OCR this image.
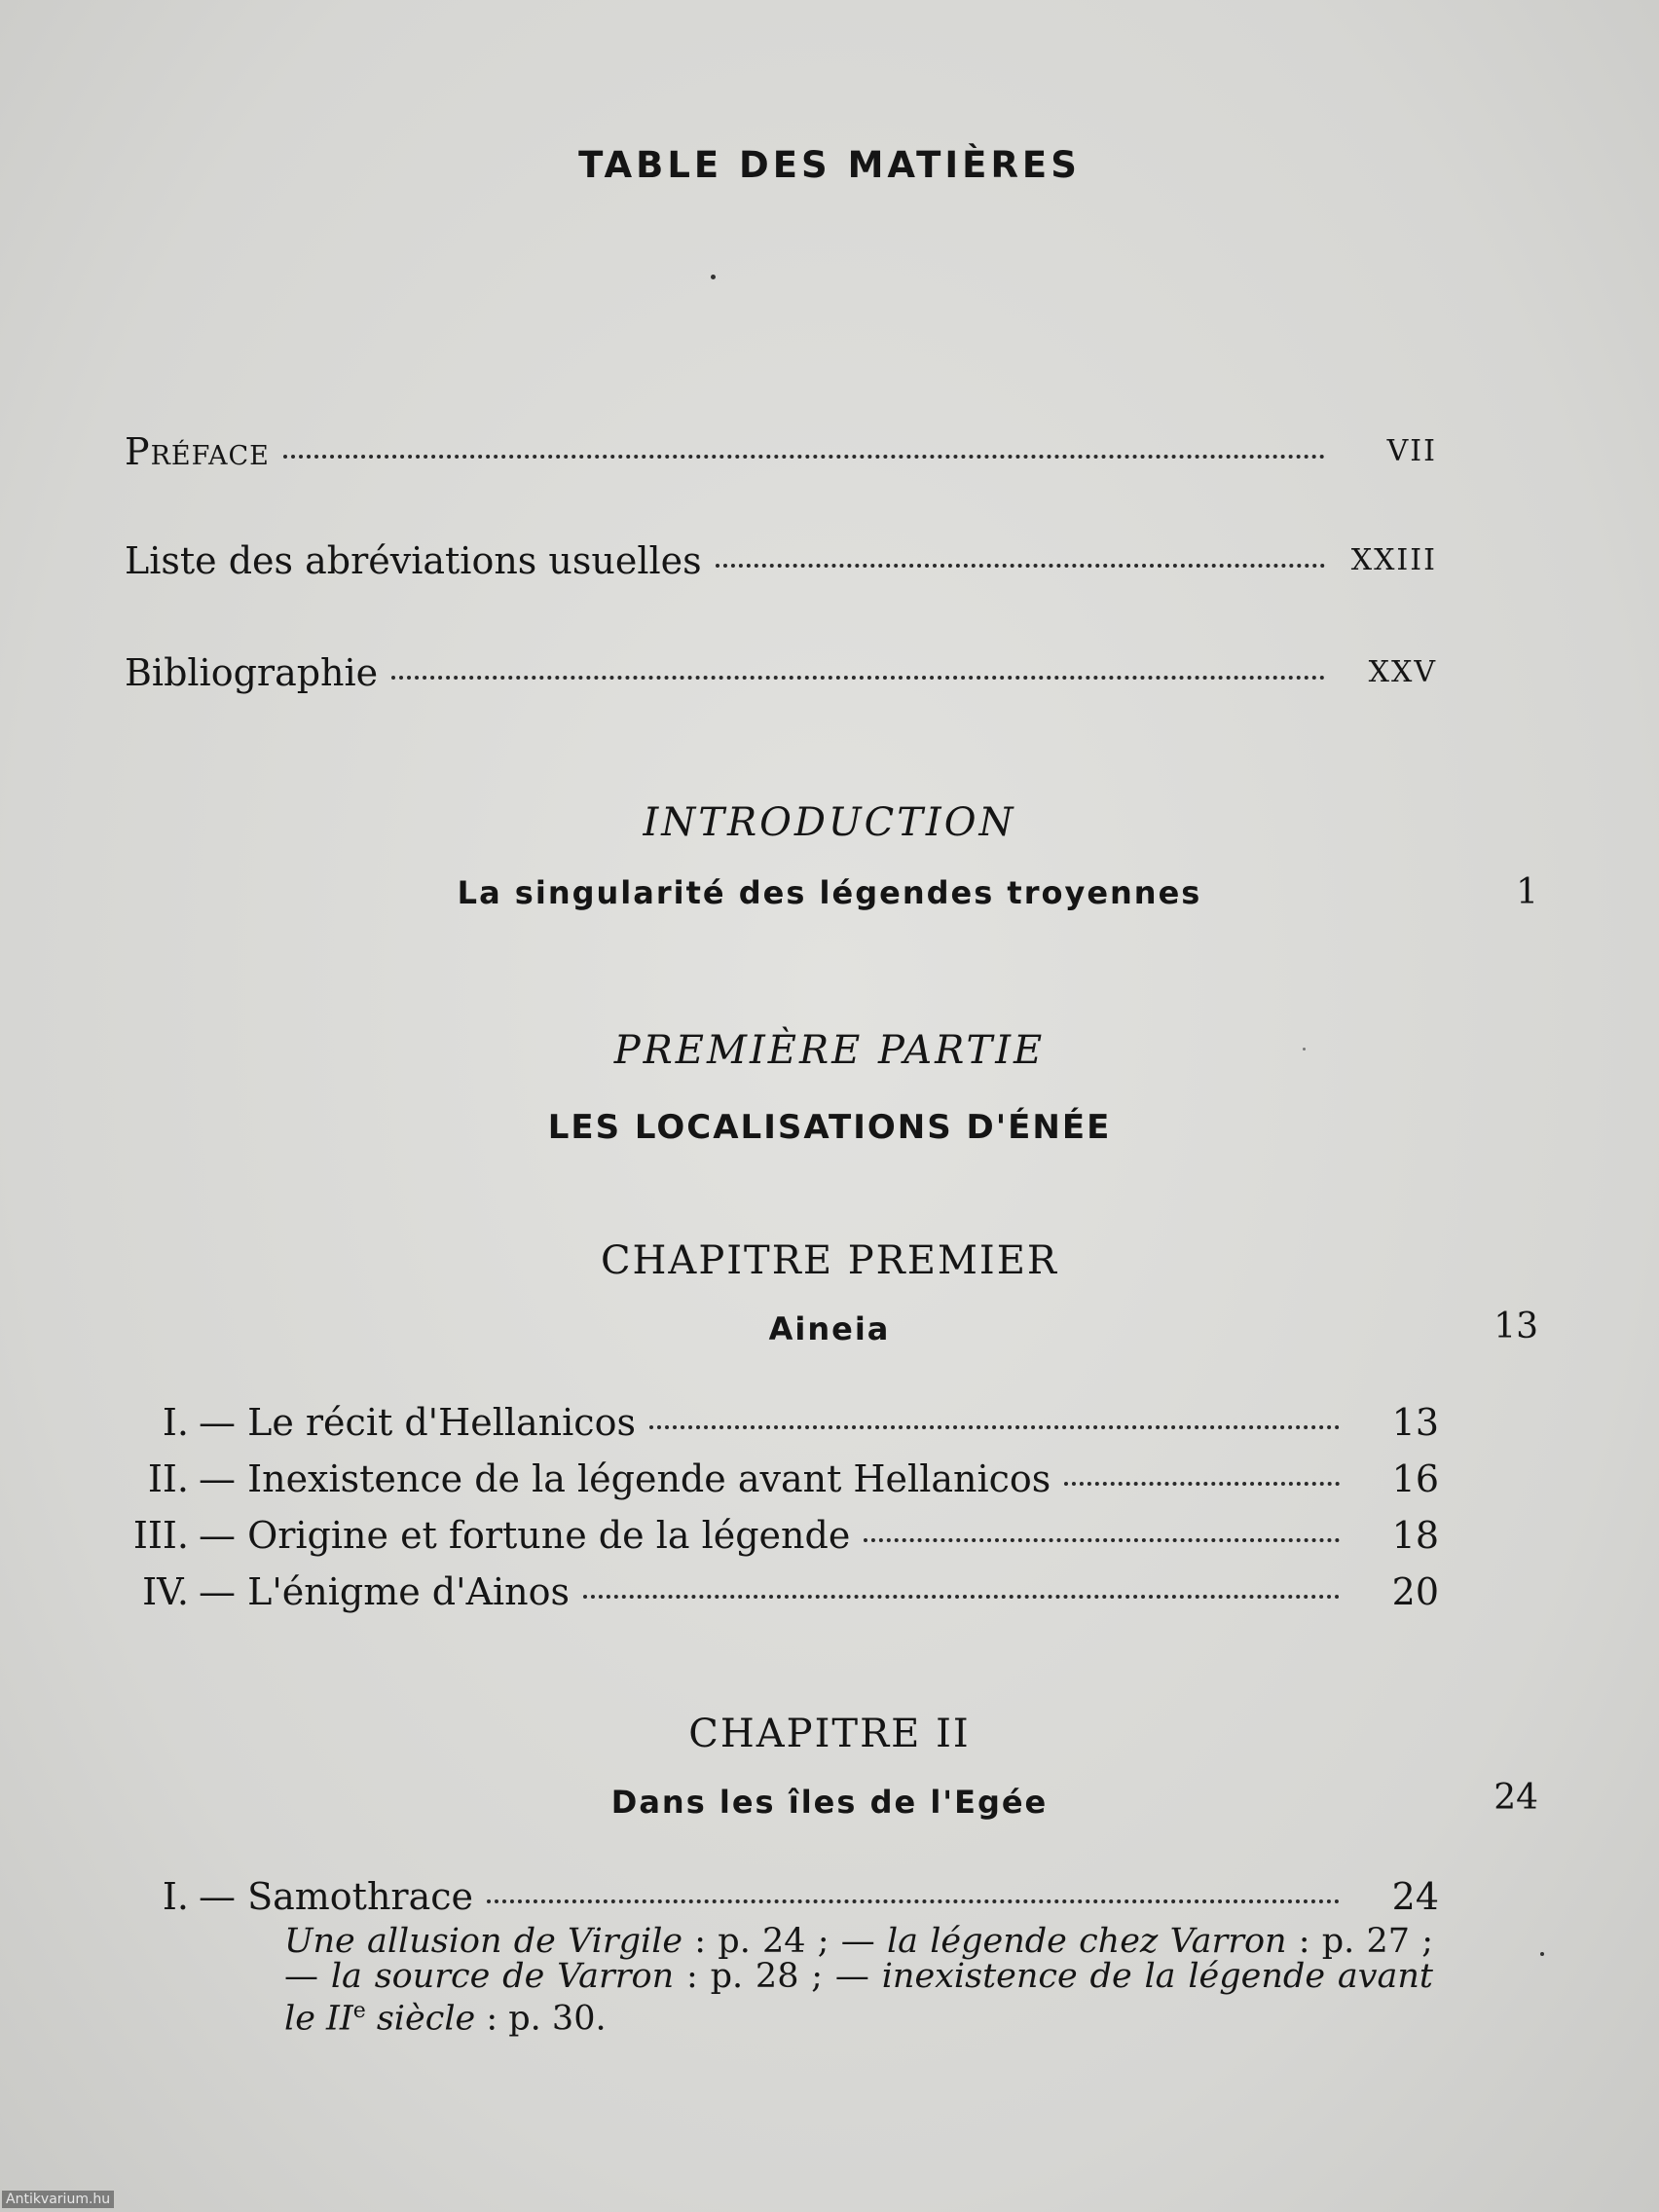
TABLE DES MATIÈRES
Préface	VII
Liste des abréviations usuelles	XXIII
Bibliographie	XXV
INTRODUCTION
La singularité des légendes troyennes	1
PREMIÈRE PARTIE
LES LOCALISATIONS D'ÉNÉE
CHAPITRE PREMIER
Aineia	13
I. — Le récit d'Hellanicos	13
II. — Inexistence de la légende avant Hellanicos	16
III. — Origine et fortune de la légende	18
IV. — L'énigme d'Ainos	20
CHAPITRE II
Dans les îles de l'Egée	24
I. — Samothrace	24
Une allusion de Virgile : p. 24 ; — la légende chez Varron : p. 27 ; — la source de Varron : p. 28 ; — inexistence de la légende avant le IIe siècle : p. 30.
Antikvarium.hu
